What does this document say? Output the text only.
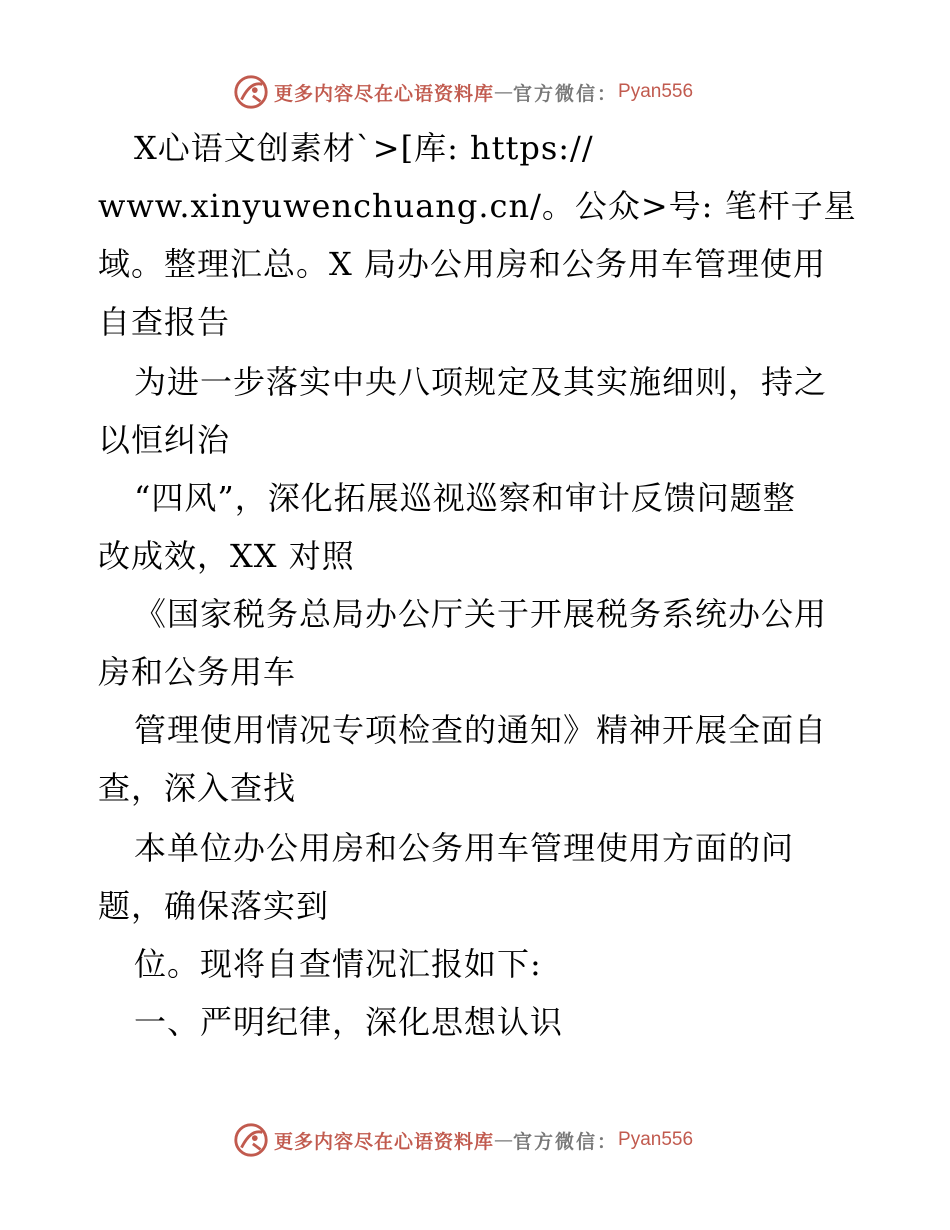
更多内容尽在心语资料库 — 官方微信： Pyan556
X心语文创素材`>[库: https://
www.xinyuwenchuang.cn/。公众>号: 笔杆子星
域。整理汇总。X 局办公用房和公务用车管理使用
自查报告
为进一步落实中央八项规定及其实施细则，持之
以恒纠治
“四风”，深化拓展巡视巡察和审计反馈问题整
改成效，XX 对照
《国家税务总局办公厅关于开展税务系统办公用
房和公务用车
管理使用情况专项检查的通知》精神开展全面自
查，深入查找
本单位办公用房和公务用车管理使用方面的问
题，确保落实到
位。现将自查情况汇报如下:
一、严明纪律，深化思想认识
更多内容尽在心语资料库 — 官方微信： Pyan556
